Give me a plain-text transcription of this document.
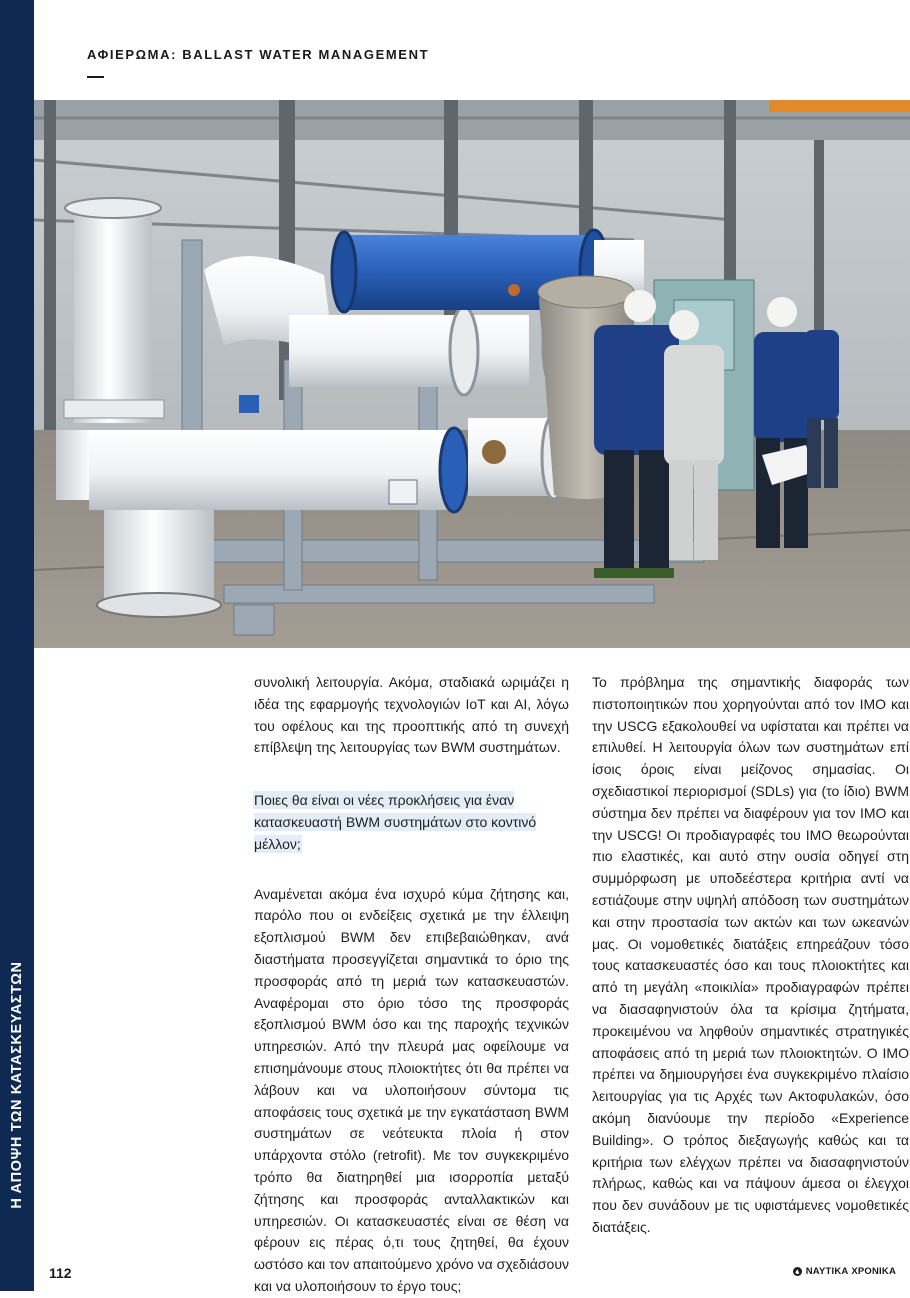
Η ΑΠΟΨΗ ΤΩΝ ΚΑΤΑΣΚΕΥΑΣΤΩΝ
ΑΦΙΕΡΩΜΑ: BALLAST WATER MANAGEMENT

συνολική λειτουργία. Ακόμα, σταδιακά ωριμάζει η ιδέα της εφαρμογής τεχνολογιών IoT και AI, λόγω του οφέλους και της προοπτικής από τη συνεχή επίβλεψη της λειτουργίας των BWM συστημάτων.

Ποιες θα είναι οι νέες προκλήσεις για έναν κατασκευαστή BWM συστημάτων στο κοντινό μέλλον;

Αναμένεται ακόμα ένα ισχυρό κύμα ζήτησης και, παρόλο που οι ενδείξεις σχετικά με την έλλειψη εξοπλισμού BWM δεν επιβεβαιώθηκαν, ανά διαστήματα προσεγγίζεται σημαντικά το όριο της προσφοράς από τη μεριά των κατασκευαστών. Αναφέρομαι στο όριο τόσο της προσφοράς εξοπλισμού BWM όσο και της παροχής τεχνικών υπηρεσιών. Από την πλευρά μας οφείλουμε να επισημάνουμε στους πλοιοκτήτες ότι θα πρέπει να λάβουν και να υλοποιήσουν σύντομα τις αποφάσεις τους σχετικά με την εγκατάσταση BWM συστημάτων σε νεότευκτα πλοία ή στον υπάρχοντα στόλο (retrofit). Με τον συγκεκριμένο τρόπο θα διατηρηθεί μια ισορροπία μεταξύ ζήτησης και προσφοράς ανταλλακτικών και υπηρεσιών. Οι κατασκευαστές είναι σε θέση να φέρουν εις πέρας ό,τι τους ζητηθεί, θα έχουν ωστόσο και τον απαιτούμενο χρόνο να σχεδιάσουν και να υλοποιήσουν το έργο τους;

Το πρόβλημα της σημαντικής διαφοράς των πιστοποιητικών που χορηγούνται από τον IMO και την USCG εξακολουθεί να υφίσταται και πρέπει να επιλυθεί. Η λειτουργία όλων των συστημάτων επί ίσοις όροις είναι μείζονος σημασίας. Οι σχεδιαστικοί περιορισμοί (SDLs) για (το ίδιο) BWM σύστημα δεν πρέπει να διαφέρουν για τον IMO και την USCG! Οι προδιαγραφές του IMO θεωρούνται πιο ελαστικές, και αυτό στην ουσία οδηγεί στη συμμόρφωση με υποδεέστερα κριτήρια αντί να εστιάζουμε στην υψηλή απόδοση των συστημάτων και στην προστασία των ακτών και των ωκεανών μας. Οι νομοθετικές διατάξεις επηρεάζουν τόσο τους κατασκευαστές όσο και τους πλοιοκτήτες και από τη μεγάλη «ποικιλία» προδιαγραφών πρέπει να διασαφηνιστούν όλα τα κρίσιμα ζητήματα, προκειμένου να ληφθούν σημαντικές στρατηγικές αποφάσεις από τη μεριά των πλοιοκτητών. Ο IMO πρέπει να δημιουργήσει ένα συγκεκριμένο πλαίσιο λειτουργίας για τις Αρχές των Ακτοφυλακών, όσο ακόμη διανύουμε την περίοδο «Experience Building». Ο τρόπος διεξαγωγής καθώς και τα κριτήρια των ελέγχων πρέπει να διασαφηνιστούν πλήρως, καθώς και να πάψουν άμεσα οι έλεγχοι που δεν συνάδουν με τις υφιστάμενες νομοθετικές διατάξεις.

112	ΝΑΥΤΙΚΑ ΧΡΟΝΙΚΑ
